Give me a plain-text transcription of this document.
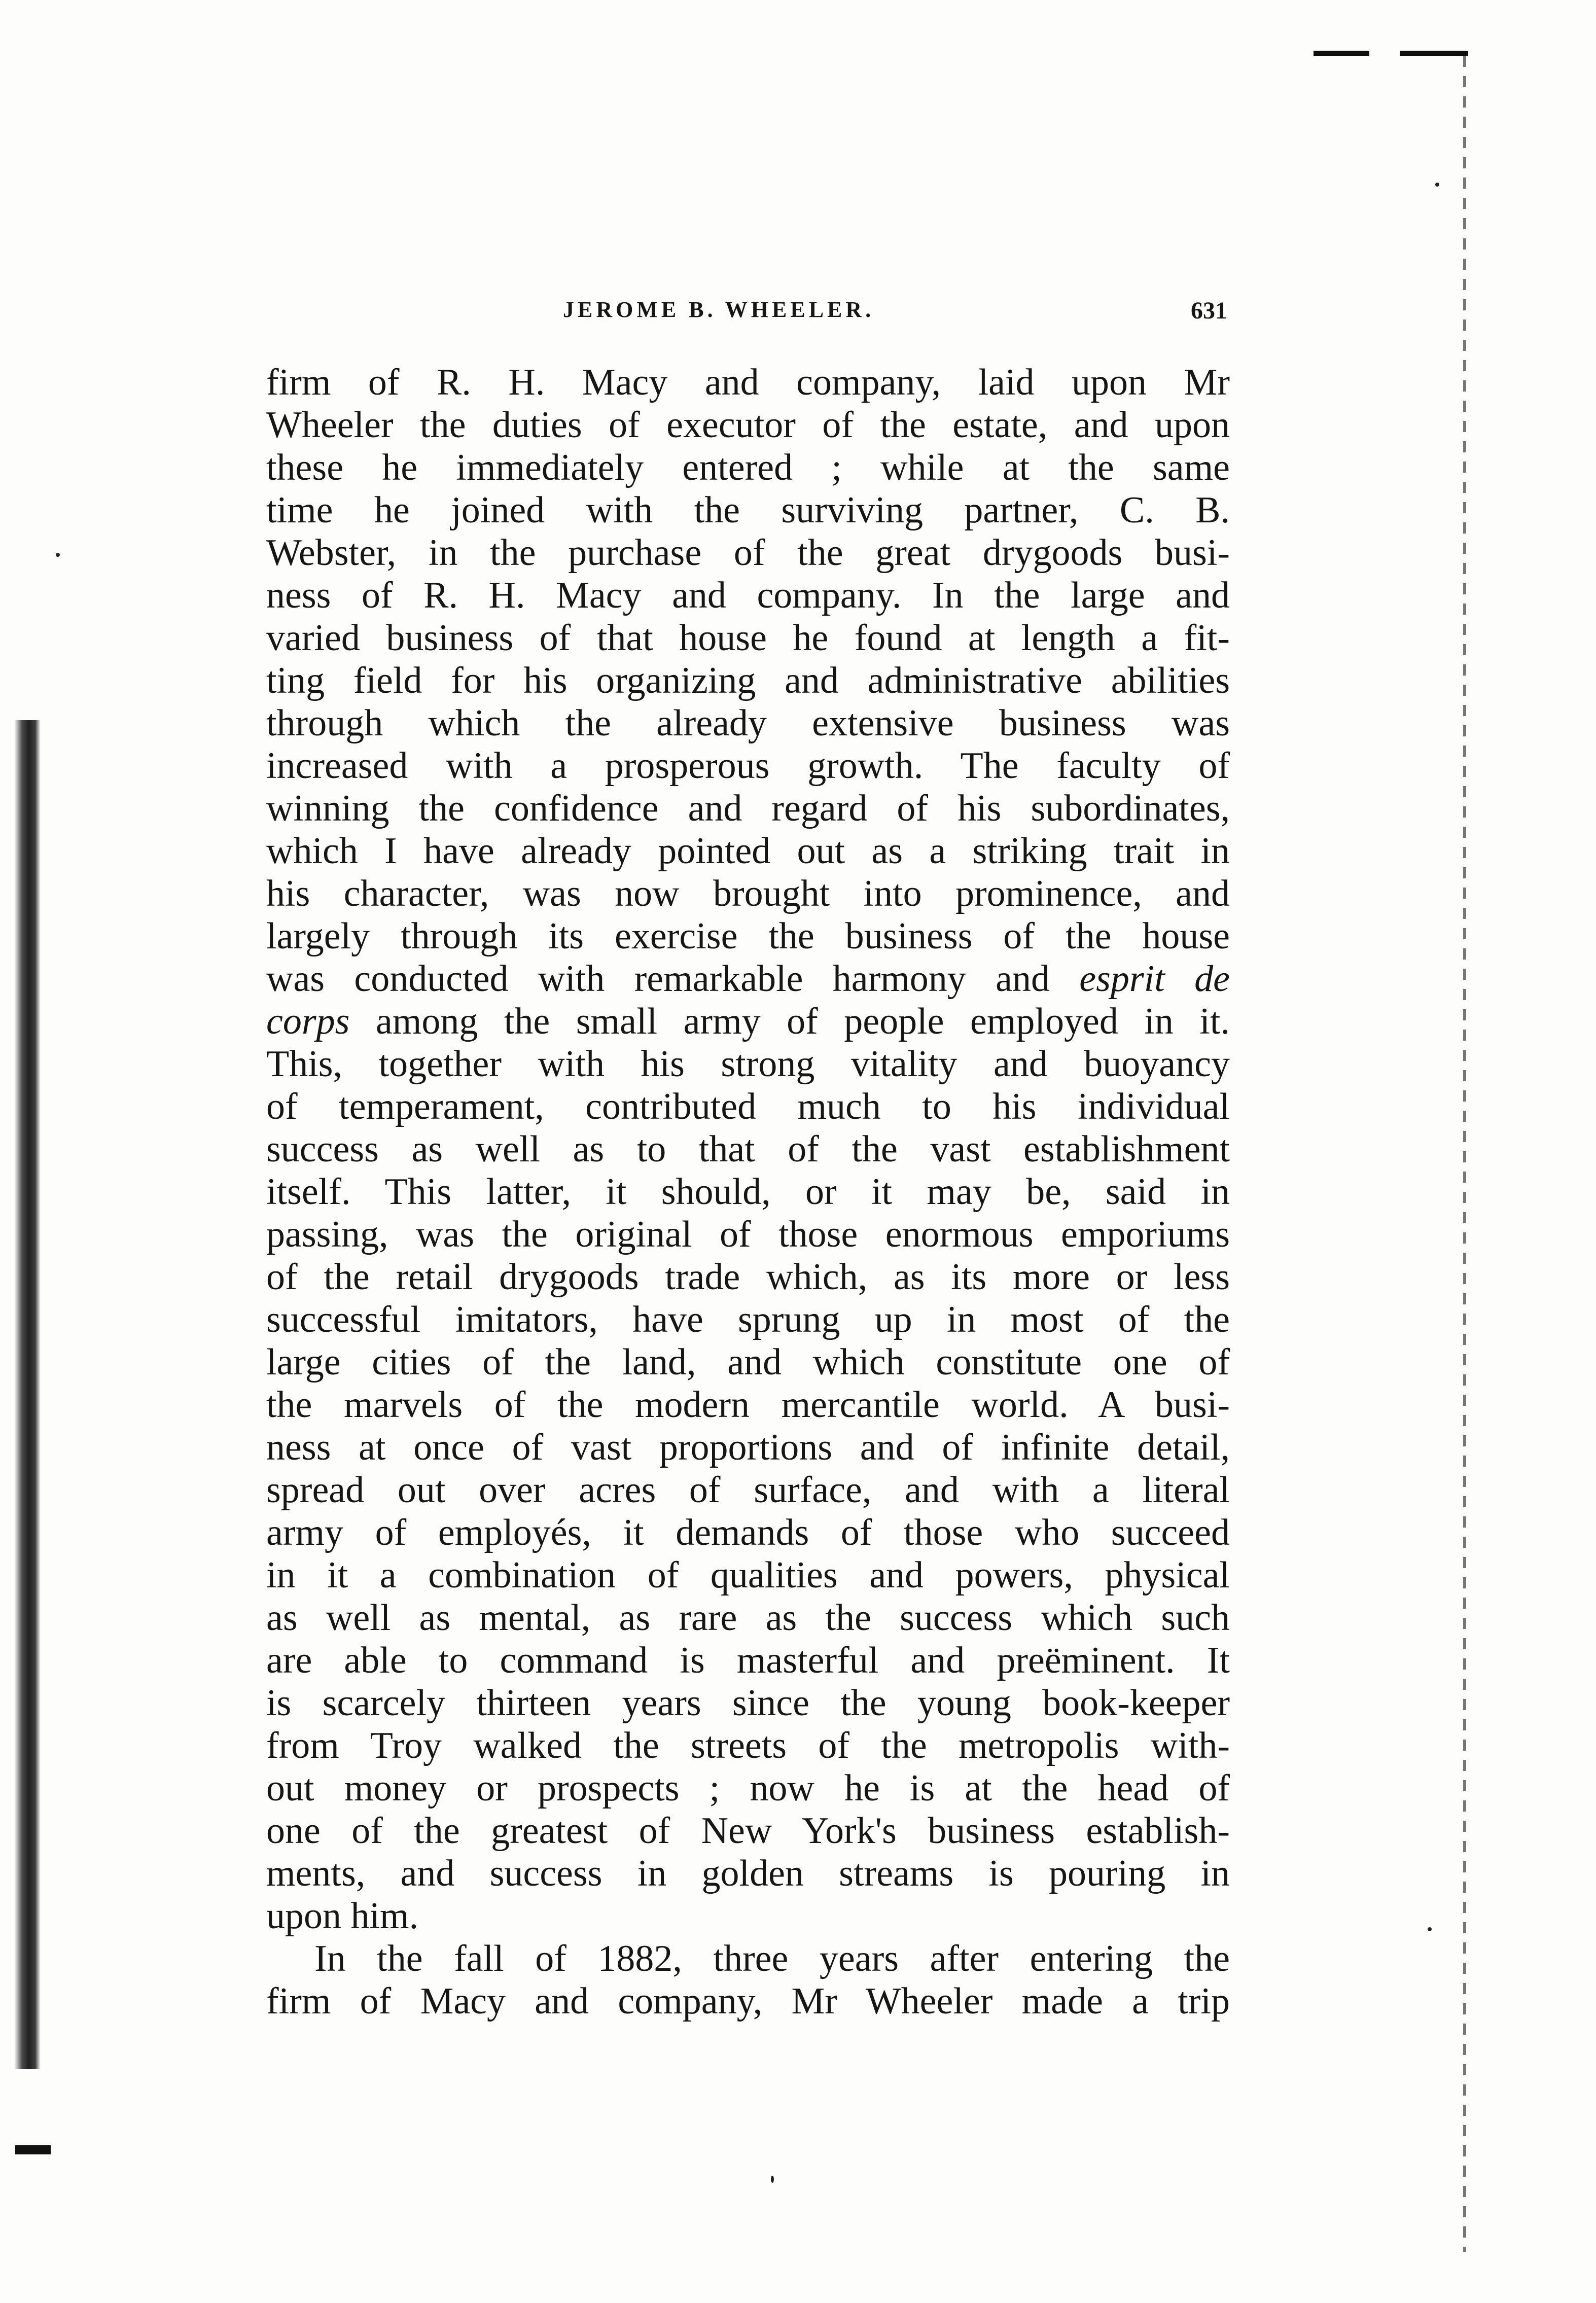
JEROME B. WHEELER.	631
firm of R. H. Macy and company, laid upon Mr
Wheeler the duties of executor of the estate, and upon
these he immediately entered ; while at the same
time he joined with the surviving partner, C. B.
Webster, in the purchase of the great drygoods busi-
ness of R. H. Macy and company. In the large and
varied business of that house he found at length a fit-
ting field for his organizing and administrative abilities
through which the already extensive business was
increased with a prosperous growth. The faculty of
winning the confidence and regard of his subordinates,
which I have already pointed out as a striking trait in
his character, was now brought into prominence, and
largely through its exercise the business of the house
was conducted with remarkable harmony and esprit de
corps among the small army of people employed in it.
This, together with his strong vitality and buoyancy
of temperament, contributed much to his individual
success as well as to that of the vast establishment
itself. This latter, it should, or it may be, said in
passing, was the original of those enormous emporiums
of the retail drygoods trade which, as its more or less
successful imitators, have sprung up in most of the
large cities of the land, and which constitute one of
the marvels of the modern mercantile world. A busi-
ness at once of vast proportions and of infinite detail,
spread out over acres of surface, and with a literal
army of employés, it demands of those who succeed
in it a combination of qualities and powers, physical
as well as mental, as rare as the success which such
are able to command is masterful and preëminent. It
is scarcely thirteen years since the young book-keeper
from Troy walked the streets of the metropolis with-
out money or prospects ; now he is at the head of
one of the greatest of New York's business establish-
ments, and success in golden streams is pouring in
upon him.
In the fall of 1882, three years after entering the
firm of Macy and company, Mr Wheeler made a trip
